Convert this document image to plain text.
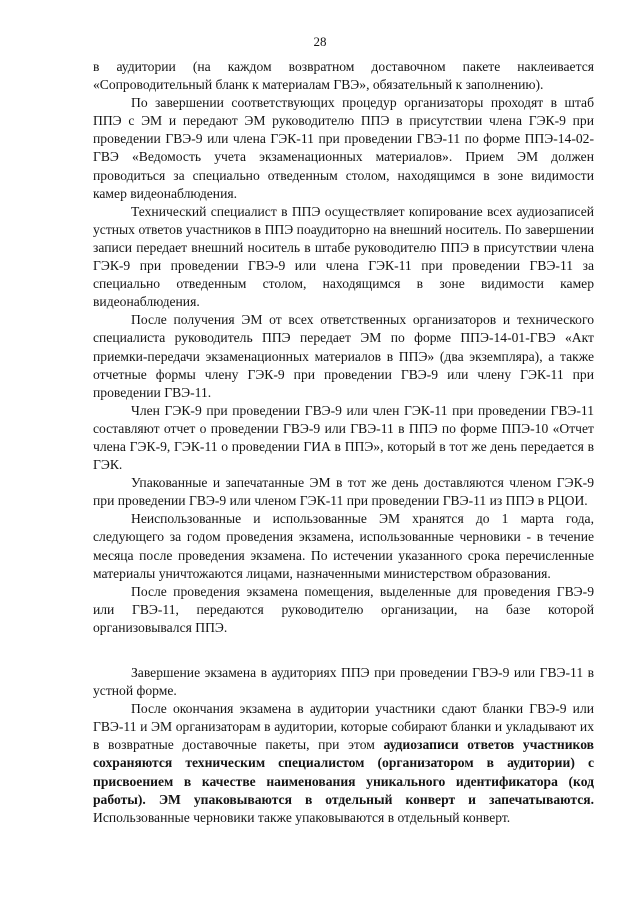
28

в аудитории (на каждом возвратном доставочном пакете наклеивается «Сопроводительный бланк к материалам ГВЭ», обязательный к заполнению).

По завершении соответствующих процедур организаторы проходят в штаб ППЭ с ЭМ и передают ЭМ руководителю ППЭ в присутствии члена ГЭК-9 при проведении ГВЭ-9 или члена ГЭК-11 при проведении ГВЭ-11 по форме ППЭ-14-02-ГВЭ «Ведомость учета экзаменационных материалов». Прием ЭМ должен проводиться за специально отведенным столом, находящимся в зоне видимости камер видеонаблюдения.

Технический специалист в ППЭ осуществляет копирование всех аудиозаписей устных ответов участников в ППЭ поаудиторно на внешний носитель. По завершении записи передает внешний носитель в штабе руководителю ППЭ в присутствии члена ГЭК-9 при проведении ГВЭ-9 или члена ГЭК-11 при проведении ГВЭ-11 за специально отведенным столом, находящимся в зоне видимости камер видеонаблюдения.

После получения ЭМ от всех ответственных организаторов и технического специалиста руководитель ППЭ передает ЭМ по форме ППЭ-14-01-ГВЭ «Акт приемки-передачи экзаменационных материалов в ППЭ» (два экземпляра), а также отчетные формы члену ГЭК-9 при проведении ГВЭ-9 или члену ГЭК-11 при проведении ГВЭ-11.

Член ГЭК-9 при проведении ГВЭ-9 или член ГЭК-11 при проведении ГВЭ-11 составляют отчет о проведении ГВЭ-9 или ГВЭ-11 в ППЭ по форме ППЭ-10 «Отчет члена ГЭК-9, ГЭК-11 о проведении ГИА в ППЭ», который в тот же день передается в ГЭК.

Упакованные и запечатанные ЭМ в тот же день доставляются членом ГЭК-9 при проведении ГВЭ-9 или членом ГЭК-11 при проведении ГВЭ-11 из ППЭ в РЦОИ.

Неиспользованные и использованные ЭМ хранятся до 1 марта года, следующего за годом проведения экзамена, использованные черновики - в течение месяца после проведения экзамена. По истечении указанного срока перечисленные материалы уничтожаются лицами, назначенными министерством образования.

После проведения экзамена помещения, выделенные для проведения ГВЭ-9 или ГВЭ-11, передаются руководителю организации, на базе которой организовывался ППЭ.

Завершение экзамена в аудиториях ППЭ при проведении ГВЭ-9 или ГВЭ-11 в устной форме.

После окончания экзамена в аудитории участники сдают бланки ГВЭ-9 или ГВЭ-11 и ЭМ организаторам в аудитории, которые собирают бланки и укладывают их в возвратные доставочные пакеты, при этом аудиозаписи ответов участников сохраняются техническим специалистом (организатором в аудитории) с присвоением в качестве наименования уникального идентификатора (код работы). ЭМ упаковываются в отдельный конверт и запечатываются. Использованные черновики также упаковываются в отдельный конверт.
